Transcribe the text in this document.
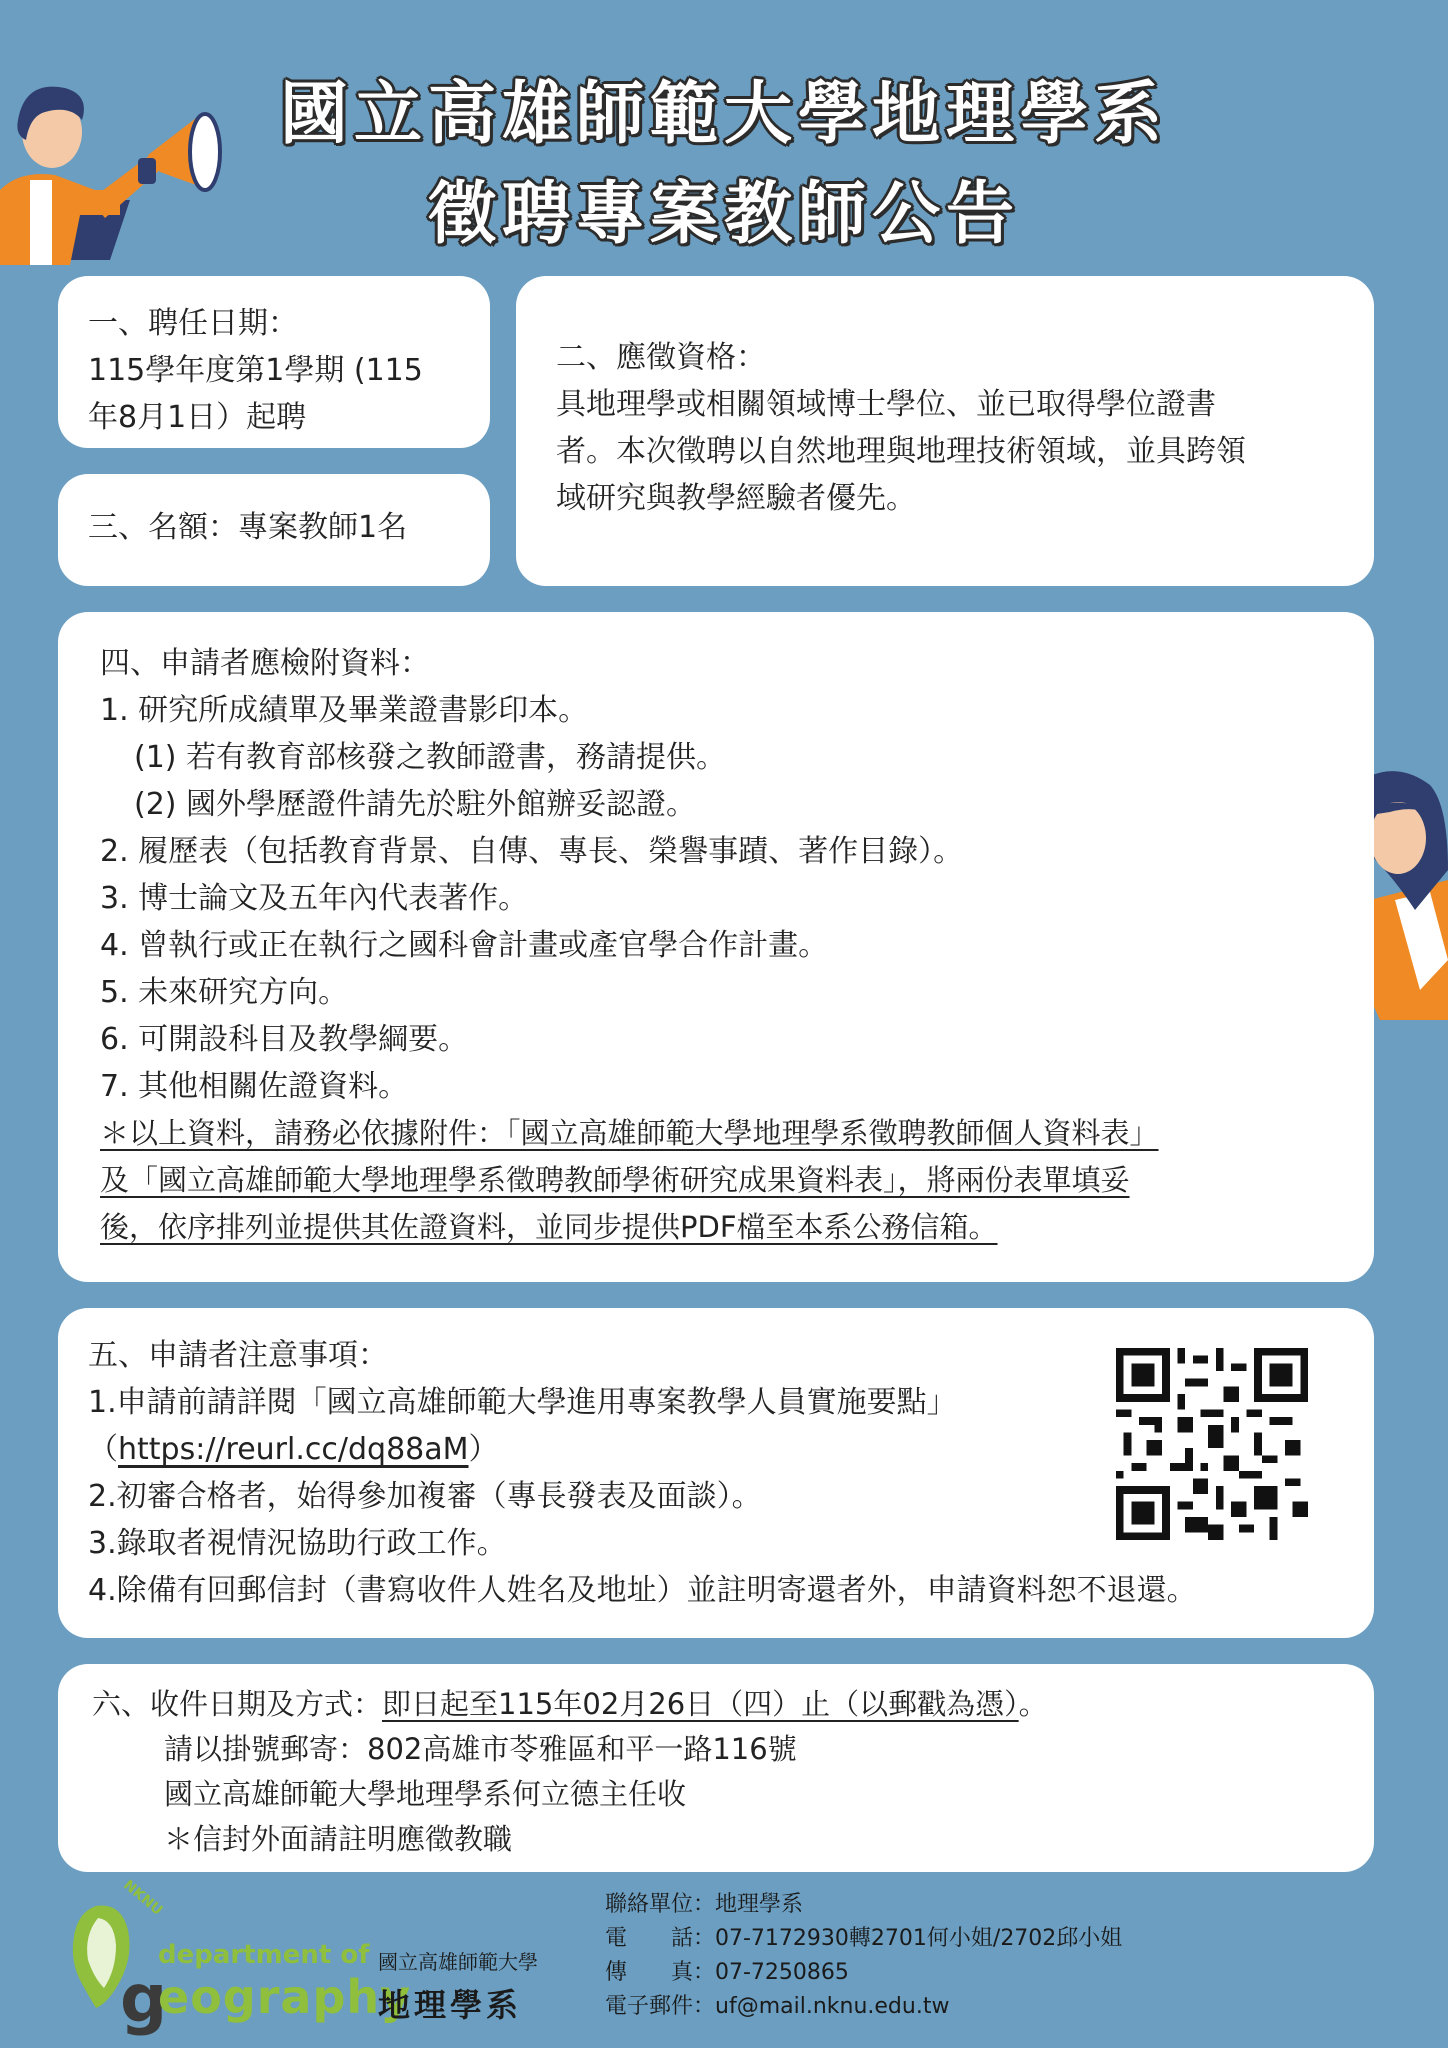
國立高雄師範大學地理學系
徵聘專案教師公告

一、聘任日期：

115學年度第1學期 (115

年8月1日）起聘

三、名額：專案教師1名

二、應徵資格：

具地理學或相關領域博士學位、並已取得學位證書

者。本次徵聘以自然地理與地理技術領域，並具跨領

域研究與教學經驗者優先。

四、申請者應檢附資料：

1. 研究所成績單及畢業證書影印本。

(1) 若有教育部核發之教師證書，務請提供。

(2) 國外學歷證件請先於駐外館辦妥認證。

2. 履歷表（包括教育背景、自傳、專長、榮譽事蹟、著作目錄）。

3. 博士論文及五年內代表著作。

4. 曾執行或正在執行之國科會計畫或產官學合作計畫。

5. 未來研究方向。

6. 可開設科目及教學綱要。

7. 其他相關佐證資料。

＊以上資料，請務必依據附件：「國立高雄師範大學地理學系徵聘教師個人資料表」

及「國立高雄師範大學地理學系徵聘教師學術研究成果資料表」，將兩份表單填妥

後，依序排列並提供其佐證資料，並同步提供PDF檔至本系公務信箱。

五、申請者注意事項：

1.申請前請詳閱「國立高雄師範大學進用專案教學人員實施要點」

（https://reurl.cc/dq88aM）

2.初審合格者，始得參加複審（專長發表及面談）。

3.錄取者視情況協助行政工作。

4.除備有回郵信封（書寫收件人姓名及地址）並註明寄還者外，申請資料恕不退還。

六、收件日期及方式：即日起至115年02月26日（四）止（以郵戳為憑）。

請以掛號郵寄：802高雄市苓雅區和平一路116號

國立高雄師範大學地理學系何立德主任收

＊信封外面請註明應徵教職

NKNU
department of
g
eography
國立高雄師範大學
地理學系

聯絡單位：地理學系

電　　話：07-7172930轉2701何小姐/2702邱小姐

傳　　真：07-7250865

電子郵件：uf@mail.nknu.edu.tw
